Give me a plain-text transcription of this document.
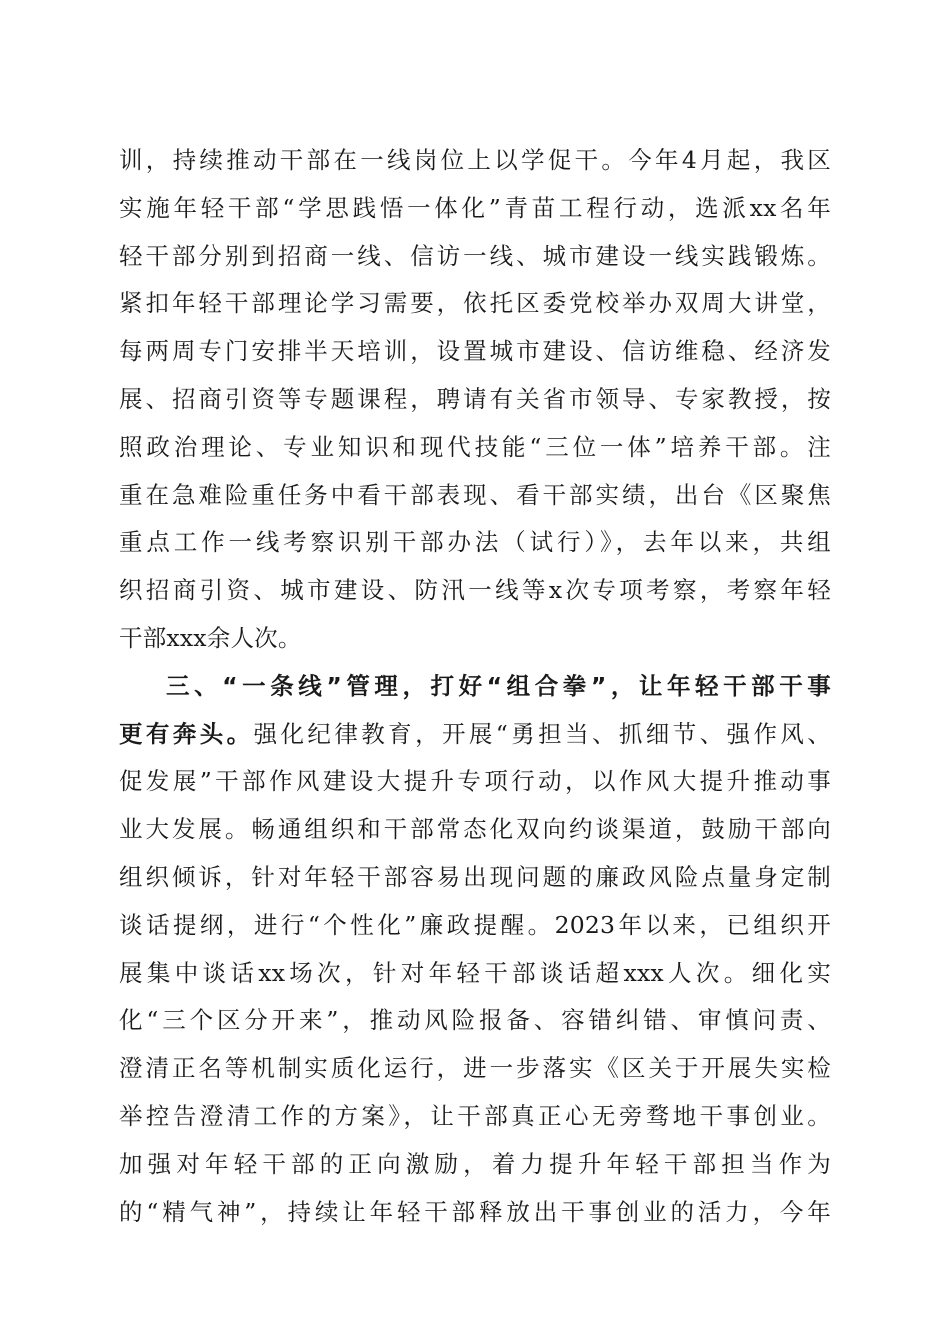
训，持续推动干部在一线岗位上以学促干。今年4月起，我区
实施年轻干部“学思践悟一体化”青苗工程行动，选派xx名年
轻干部分别到招商一线、信访一线、城市建设一线实践锻炼。
紧扣年轻干部理论学习需要，依托区委党校举办双周大讲堂，
每两周专门安排半天培训，设置城市建设、信访维稳、经济发
展、招商引资等专题课程，聘请有关省市领导、专家教授，按
照政治理论、专业知识和现代技能“三位一体”培养干部。注
重在急难险重任务中看干部表现、看干部实绩，出台《区聚焦
重点工作一线考察识别干部办法（试行）》，去年以来，共组
织招商引资、城市建设、防汛一线等x次专项考察，考察年轻
干部xxx余人次。
三、“一条线”管理，打好“组合拳”，让年轻干部干事
更有奔头。强化纪律教育，开展“勇担当、抓细节、强作风、
促发展”干部作风建设大提升专项行动，以作风大提升推动事
业大发展。畅通组织和干部常态化双向约谈渠道，鼓励干部向
组织倾诉，针对年轻干部容易出现问题的廉政风险点量身定制
谈话提纲，进行“个性化”廉政提醒。2023年以来，已组织开
展集中谈话xx场次，针对年轻干部谈话超xxx人次。细化实
化“三个区分开来”，推动风险报备、容错纠错、审慎问责、
澄清正名等机制实质化运行，进一步落实《区关于开展失实检
举控告澄清工作的方案》，让干部真正心无旁骛地干事创业。
加强对年轻干部的正向激励，着力提升年轻干部担当作为
的“精气神”，持续让年轻干部释放出干事创业的活力，今年
